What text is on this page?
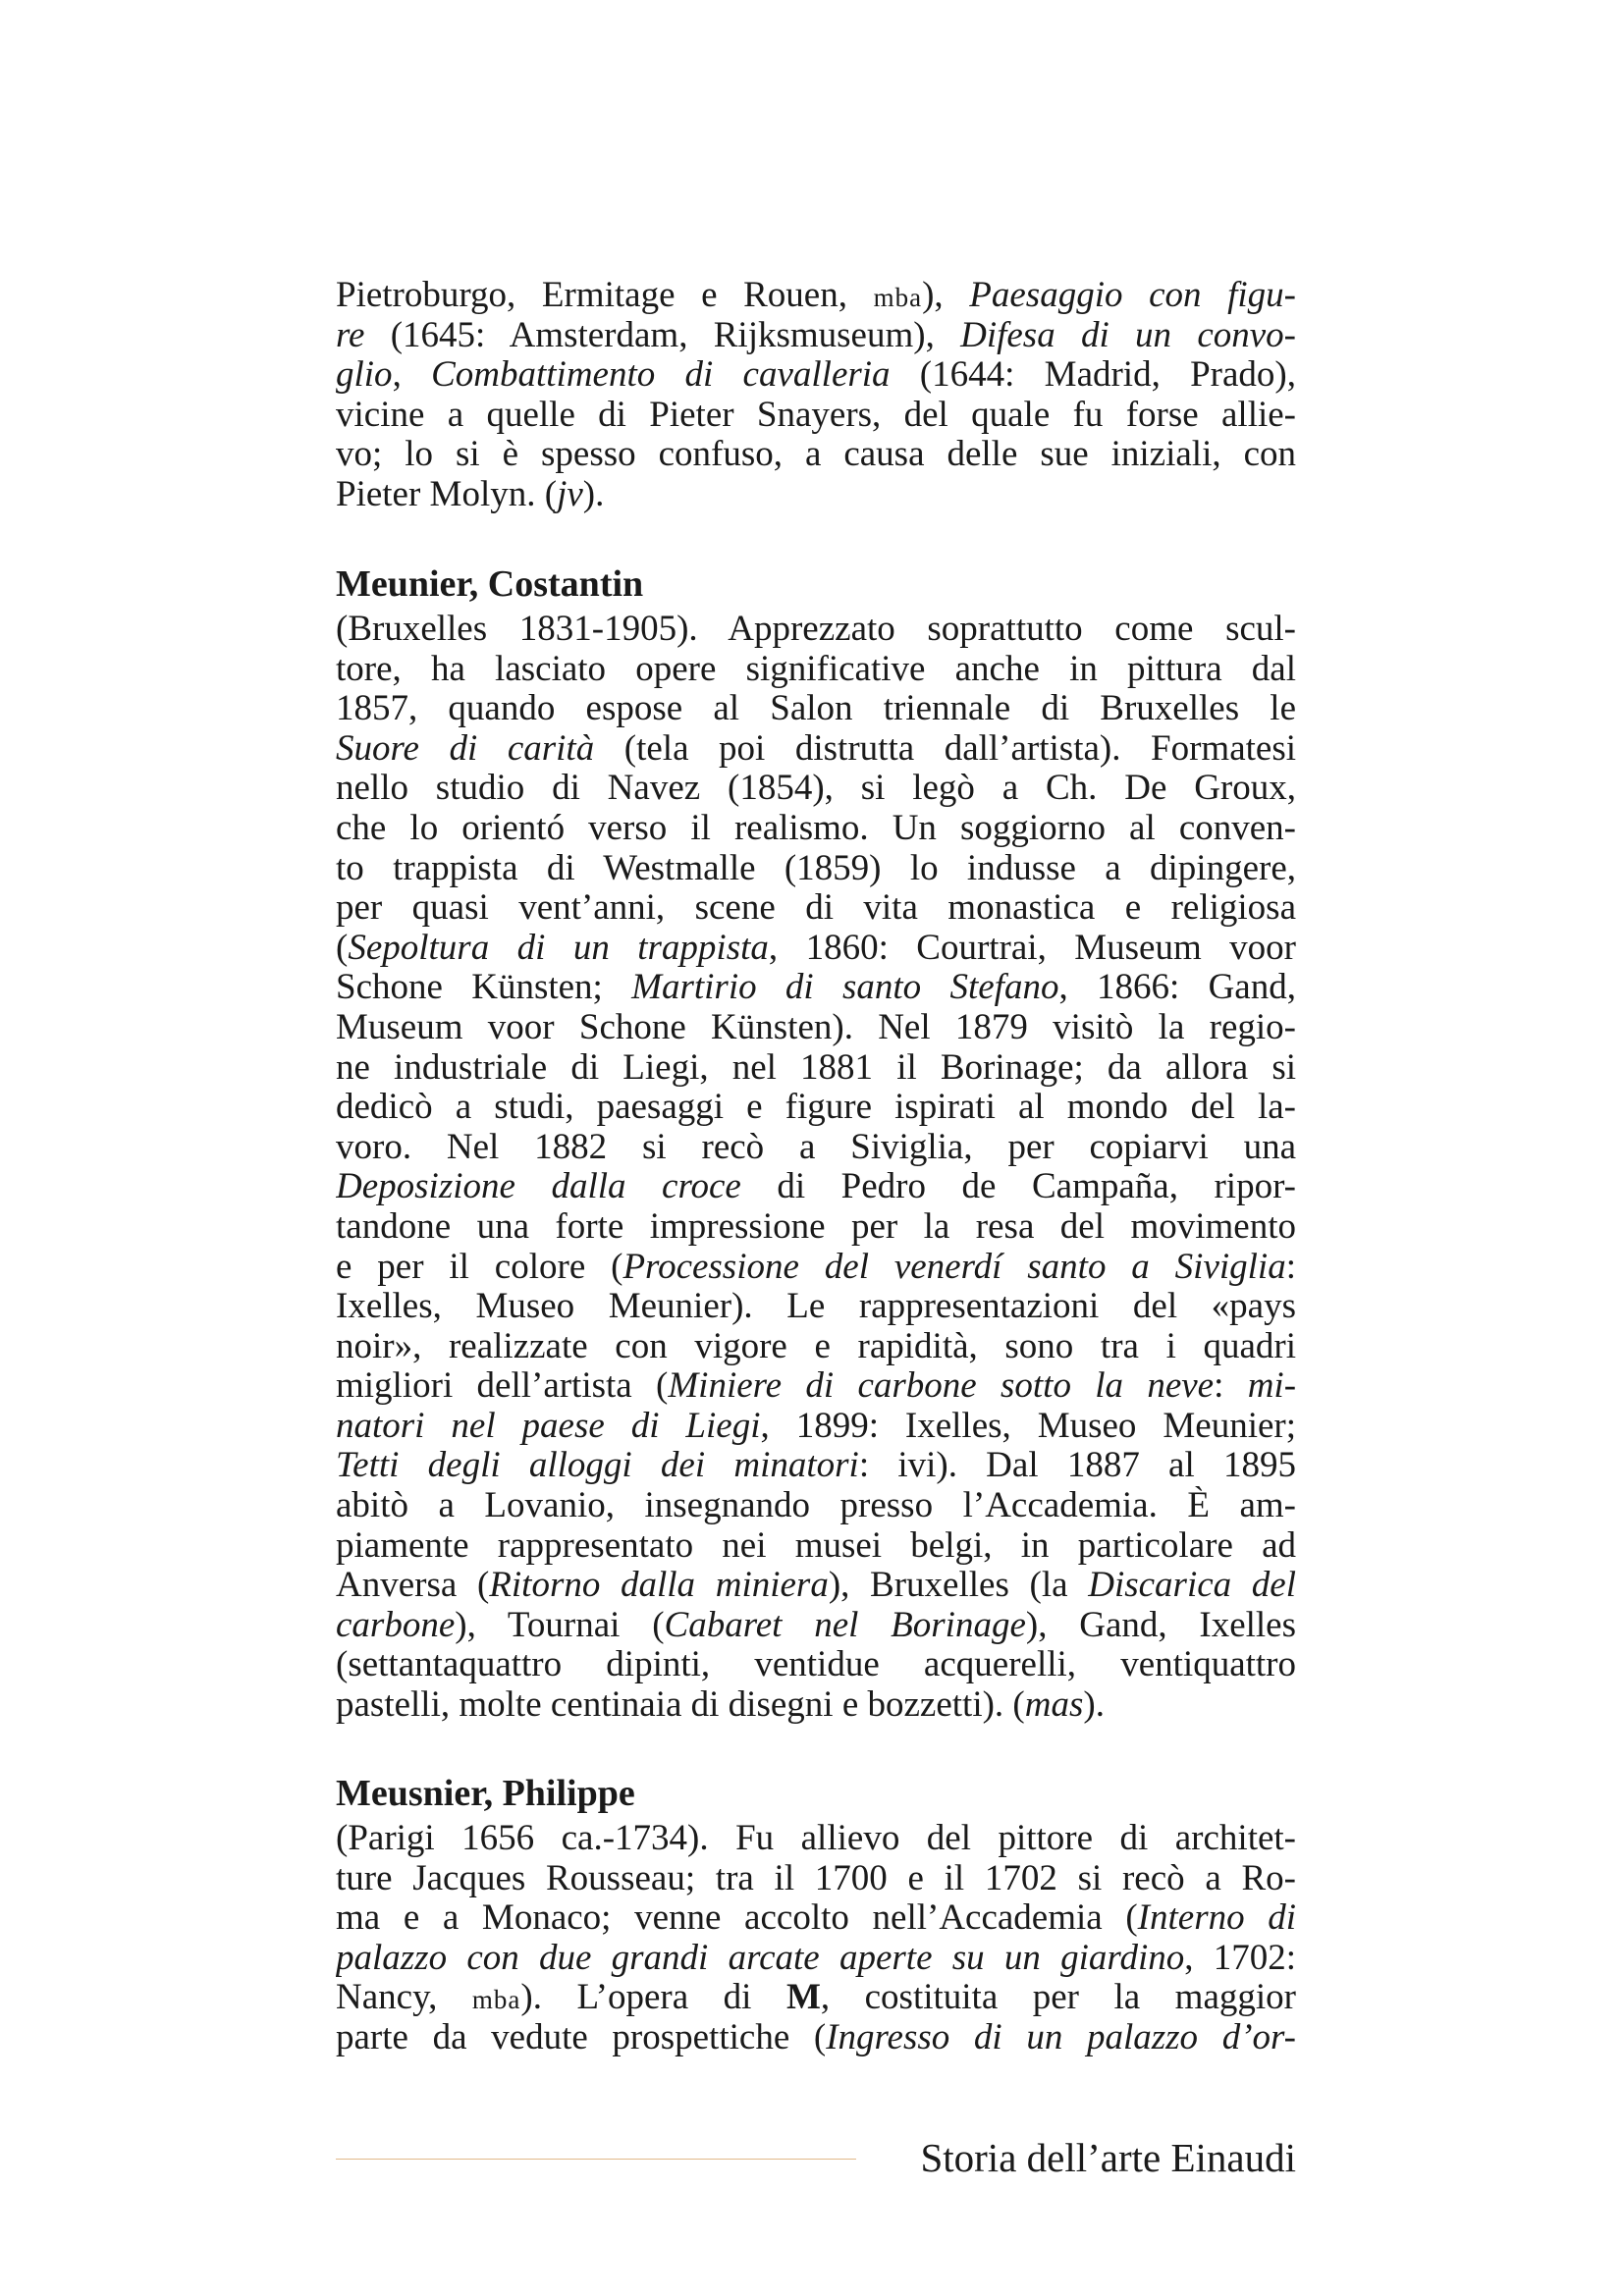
Pietroburgo, Ermitage e Rouen, mba), Paesaggio con figu-
re (1645: Amsterdam, Rijksmuseum), Difesa di un convo-
glio, Combattimento di cavalleria (1644: Madrid, Prado),
vicine a quelle di Pieter Snayers, del quale fu forse allie-
vo; lo si è spesso confuso, a causa delle sue iniziali, con
Pieter Molyn. (jv).
Meunier, Costantin
(Bruxelles 1831-1905). Apprezzato soprattutto come scul-
tore, ha lasciato opere significative anche in pittura dal
1857, quando espose al Salon triennale di Bruxelles le
Suore di carità (tela poi distrutta dall’artista). Formatesi
nello studio di Navez (1854), si legò a Ch. De Groux,
che lo orientó verso il realismo. Un soggiorno al conven-
to trappista di Westmalle (1859) lo indusse a dipingere,
per quasi vent’anni, scene di vita monastica e religiosa
(Sepoltura di un trappista, 1860: Courtrai, Museum voor
Schone Künsten; Martirio di santo Stefano, 1866: Gand,
Museum voor Schone Künsten). Nel 1879 visitò la regio-
ne industriale di Liegi, nel 1881 il Borinage; da allora si
dedicò a studi, paesaggi e figure ispirati al mondo del la-
voro. Nel 1882 si recò a Siviglia, per copiarvi una
Deposizione dalla croce di Pedro de Campaña, ripor-
tandone una forte impressione per la resa del movimento
e per il colore (Processione del venerdí santo a Siviglia:
Ixelles, Museo Meunier). Le rappresentazioni del «pays
noir», realizzate con vigore e rapidità, sono tra i quadri
migliori dell’artista (Miniere di carbone sotto la neve: mi-
natori nel paese di Liegi, 1899: Ixelles, Museo Meunier;
Tetti degli alloggi dei minatori: ivi). Dal 1887 al 1895
abitò a Lovanio, insegnando presso l’Accademia. È am-
piamente rappresentato nei musei belgi, in particolare ad
Anversa (Ritorno dalla miniera), Bruxelles (la Discarica del
carbone), Tournai (Cabaret nel Borinage), Gand, Ixelles
(settantaquattro dipinti, ventidue acquerelli, ventiquattro
pastelli, molte centinaia di disegni e bozzetti). (mas).
Meusnier, Philippe
(Parigi 1656 ca.-1734). Fu allievo del pittore di architet-
ture Jacques Rousseau; tra il 1700 e il 1702 si recò a Ro-
ma e a Monaco; venne accolto nell’Accademia (Interno di
palazzo con due grandi arcate aperte su un giardino, 1702:
Nancy, mba). L’opera di M, costituita per la maggior
parte da vedute prospettiche (Ingresso di un palazzo d’or-
Storia dell’arte Einaudi
